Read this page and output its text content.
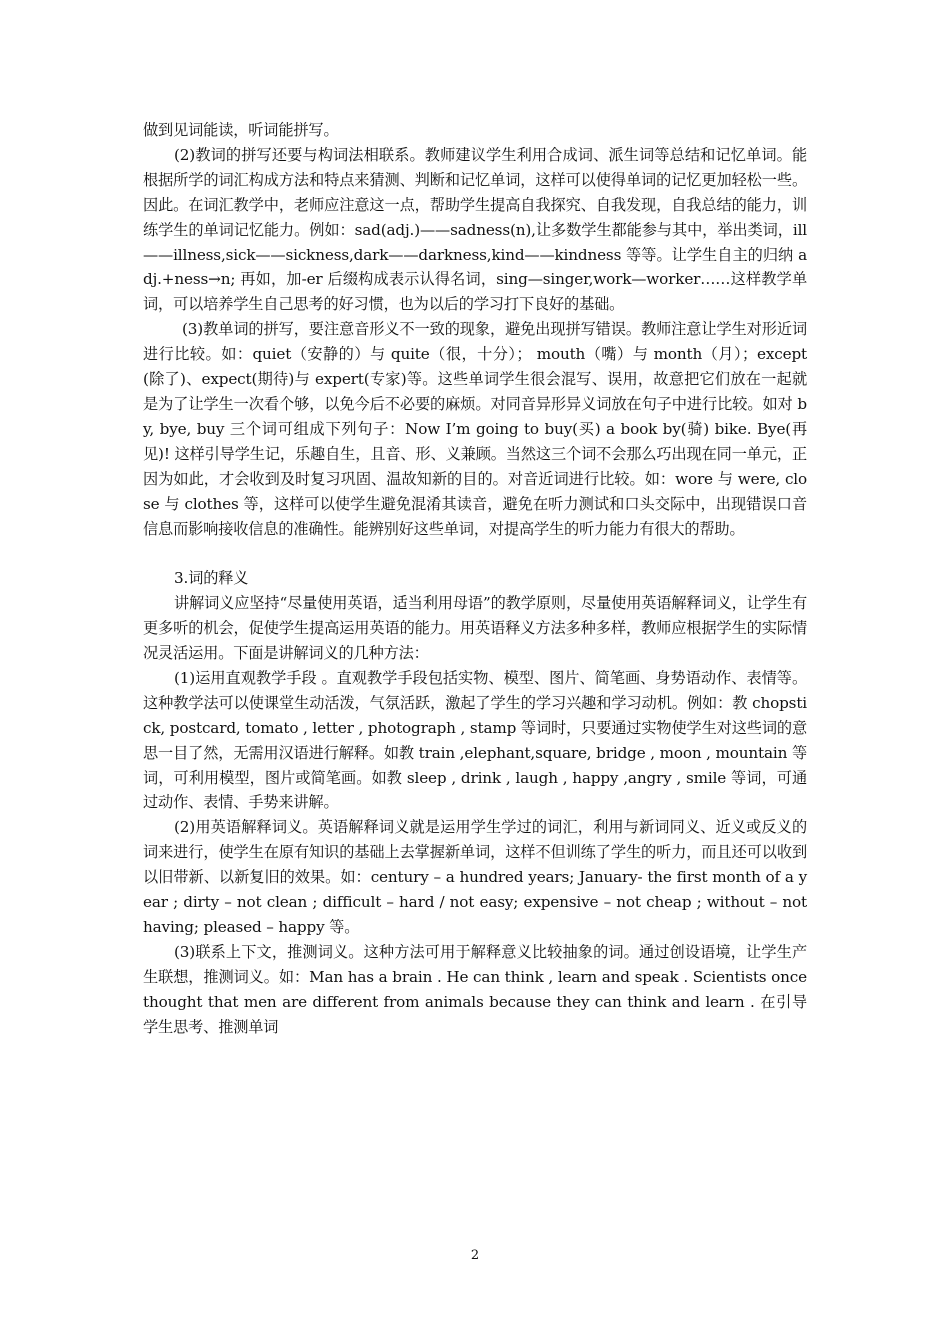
做到见词能读，听词能拼写。

(2)教词的拼写还要与构词法相联系。教师建议学生利用合成词、派生词等总结和记忆单词。能根据所学的词汇构成方法和特点来猜测、判断和记忆单词，这样可以使得单词的记忆更加轻松一些。因此。在词汇教学中，老师应注意这一点，帮助学生提高自我探究、自我发现，自我总结的能力，训练学生的单词记忆能力。例如：sad(adj.)——sadness(n),让多数学生都能参与其中，举出类词，ill——illness,sick——sickness,dark——darkness,kind——kindness 等等。让学生自主的归纳 adj.+ness→n; 再如，加-er 后缀构成表示认得名词，sing—singer,work—worker……这样教学单词，可以培养学生自己思考的好习惯，也为以后的学习打下良好的基础。

(3)教单词的拼写，要注意音形义不一致的现象，避免出现拼写错误。教师注意让学生对形近词进行比较。如：quiet（安静的）与 quite（很，十分）； mouth（嘴）与 month（月）；except(除了)、expect(期待)与 expert(专家)等。这些单词学生很会混写、误用，故意把它们放在一起就是为了让学生一次看个够，以免今后不必要的麻烦。对同音异形异义词放在句子中进行比较。如对 by, bye, buy 三个词可组成下列句子：Now I’m going to buy(买) a book by(骑) bike. Bye(再见)! 这样引导学生记，乐趣自生，且音、形、义兼顾。当然这三个词不会那么巧出现在同一单元，正因为如此，才会收到及时复习巩固、温故知新的目的。对音近词进行比较。如：wore 与 were, close 与 clothes 等，这样可以使学生避免混淆其读音，避免在听力测试和口头交际中，出现错误口音信息而影响接收信息的准确性。能辨别好这些单词，对提高学生的听力能力有很大的帮助。

3.词的释义

讲解词义应坚持“尽量使用英语，适当利用母语”的教学原则，尽量使用英语解释词义，让学生有更多听的机会，促使学生提高运用英语的能力。用英语释义方法多种多样，教师应根据学生的实际情况灵活运用。下面是讲解词义的几种方法：

(1)运用直观教学手段 。直观教学手段包括实物、模型、图片、简笔画、身势语动作、表情等。这种教学法可以使课堂生动活泼，气氛活跃，激起了学生的学习兴趣和学习动机。例如：教 chopstick, postcard, tomato , letter , photograph , stamp 等词时，只要通过实物使学生对这些词的意思一目了然，无需用汉语进行解释。如教 train ,elephant,square, bridge , moon , mountain 等词，可利用模型，图片或简笔画。如教 sleep , drink , laugh , happy ,angry , smile 等词，可通过动作、表情、手势来讲解。

(2)用英语解释词义。英语解释词义就是运用学生学过的词汇，利用与新词同义、近义或反义的词来进行，使学生在原有知识的基础上去掌握新单词，这样不但训练了学生的听力，而且还可以收到以旧带新、以新复旧的效果。如：century – a hundred years; January- the first month of a year ; dirty – not clean ; difficult – hard / not easy; expensive – not cheap ; without – not having; pleased – happy 等。

(3)联系上下文，推测词义。这种方法可用于解释意义比较抽象的词。通过创设语境，让学生产生联想，推测词义。如：Man has a brain . He can think , learn and speak . Scientists once thought that men are different from animals because they can think and learn . 在引导学生思考、推测单词

2
